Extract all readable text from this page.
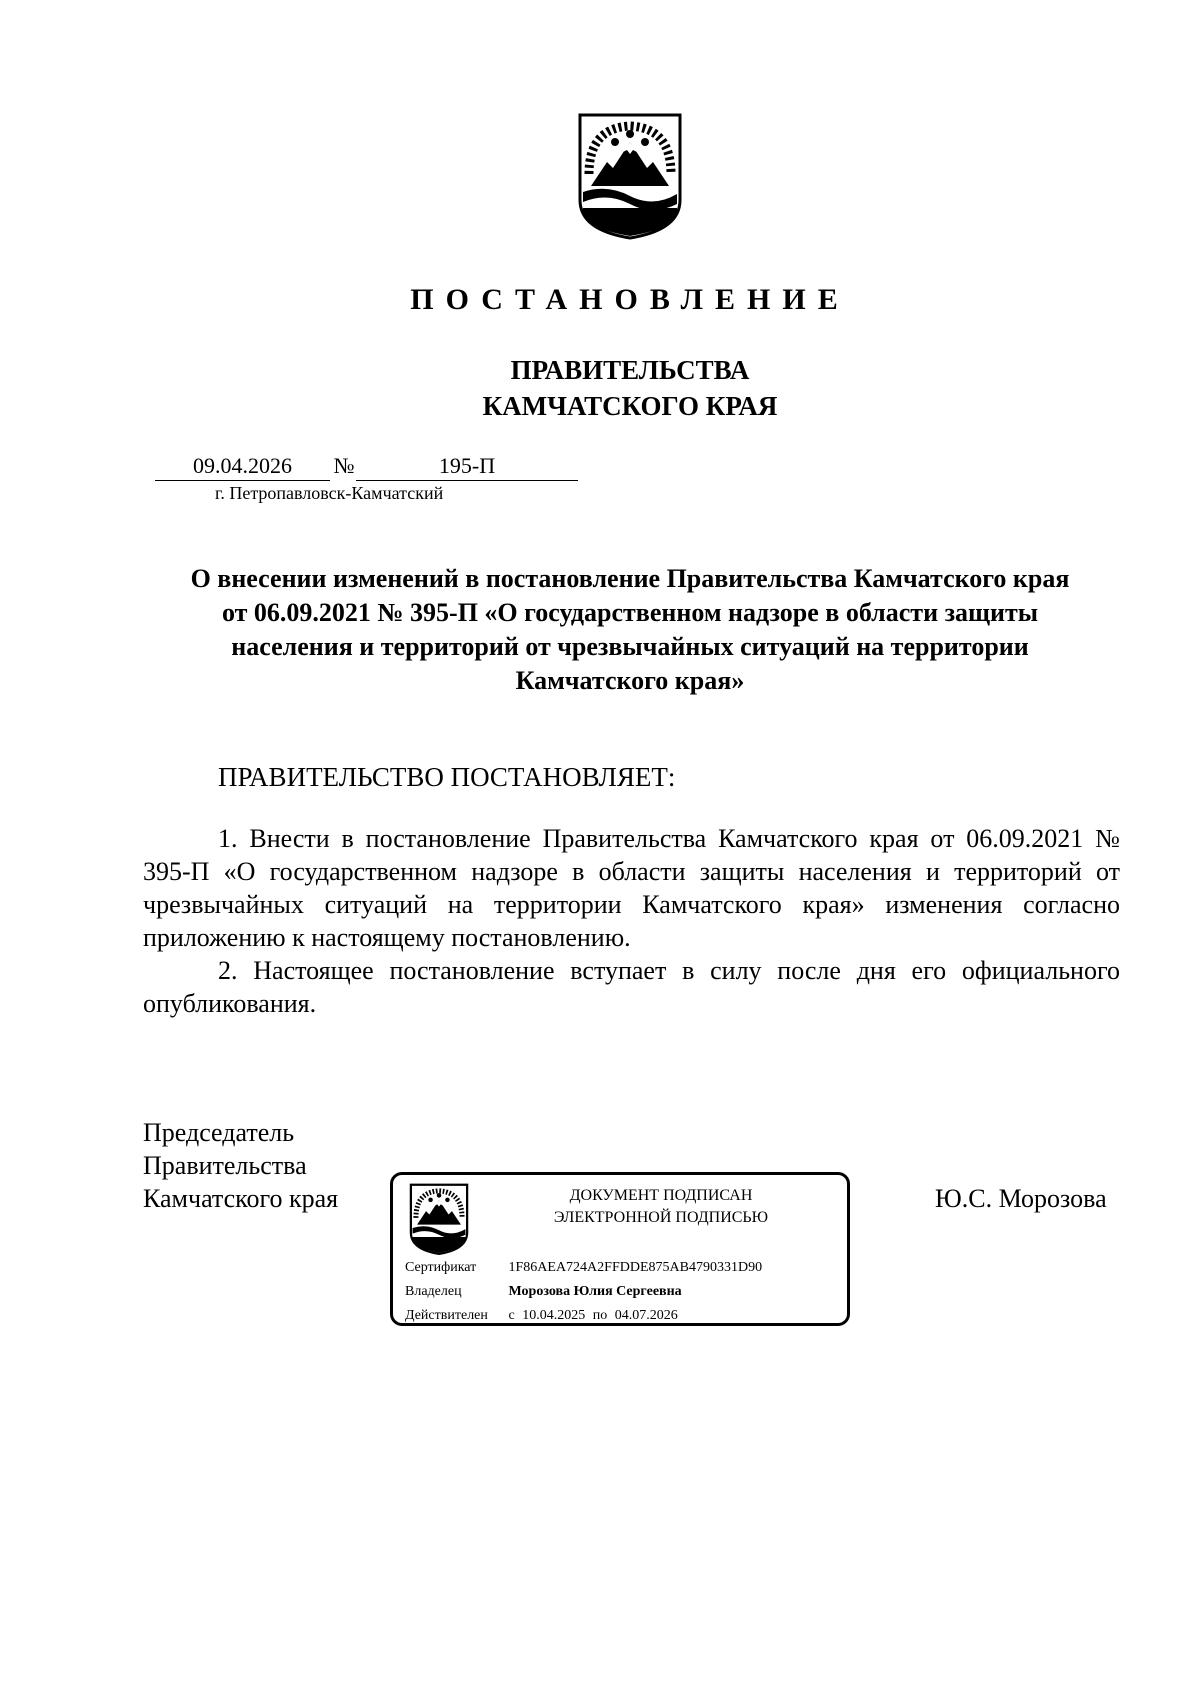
ПОСТАНОВЛЕНИЕ
ПРАВИТЕЛЬСТВА
КАМЧАТСКОГО КРАЯ
09.04.2026	№	195-П
г. Петропавловск-Камчатский
О внесении изменений в постановление Правительства Камчатского края
от 06.09.2021 № 395-П «О государственном надзоре в области защиты
населения и территорий от чрезвычайных ситуаций на территории
Камчатского края»
ПРАВИТЕЛЬСТВО ПОСТАНОВЛЯЕТ:

1. Внести в постановление Правительства Камчатского края от 06.09.2021 № 395-П «О государственном надзоре в области защиты населения и территорий от чрезвычайных ситуаций на территории Камчатского края» изменения согласно приложению к настоящему постановлению.

2. Настоящее постановление вступает в силу после дня его официального опубликования.

Председатель
Правительства
Камчатского края	Ю.С. Морозова
ДОКУМЕНТ ПОДПИСАН
ЭЛЕКТРОННОЙ ПОДПИСЬЮ
Сертификат 1F86AEA724A2FFDDE875AB4790331D90
Владелец	Морозова Юлия Сергеевна
Действителен с 10.04.2025 по 04.07.2026
